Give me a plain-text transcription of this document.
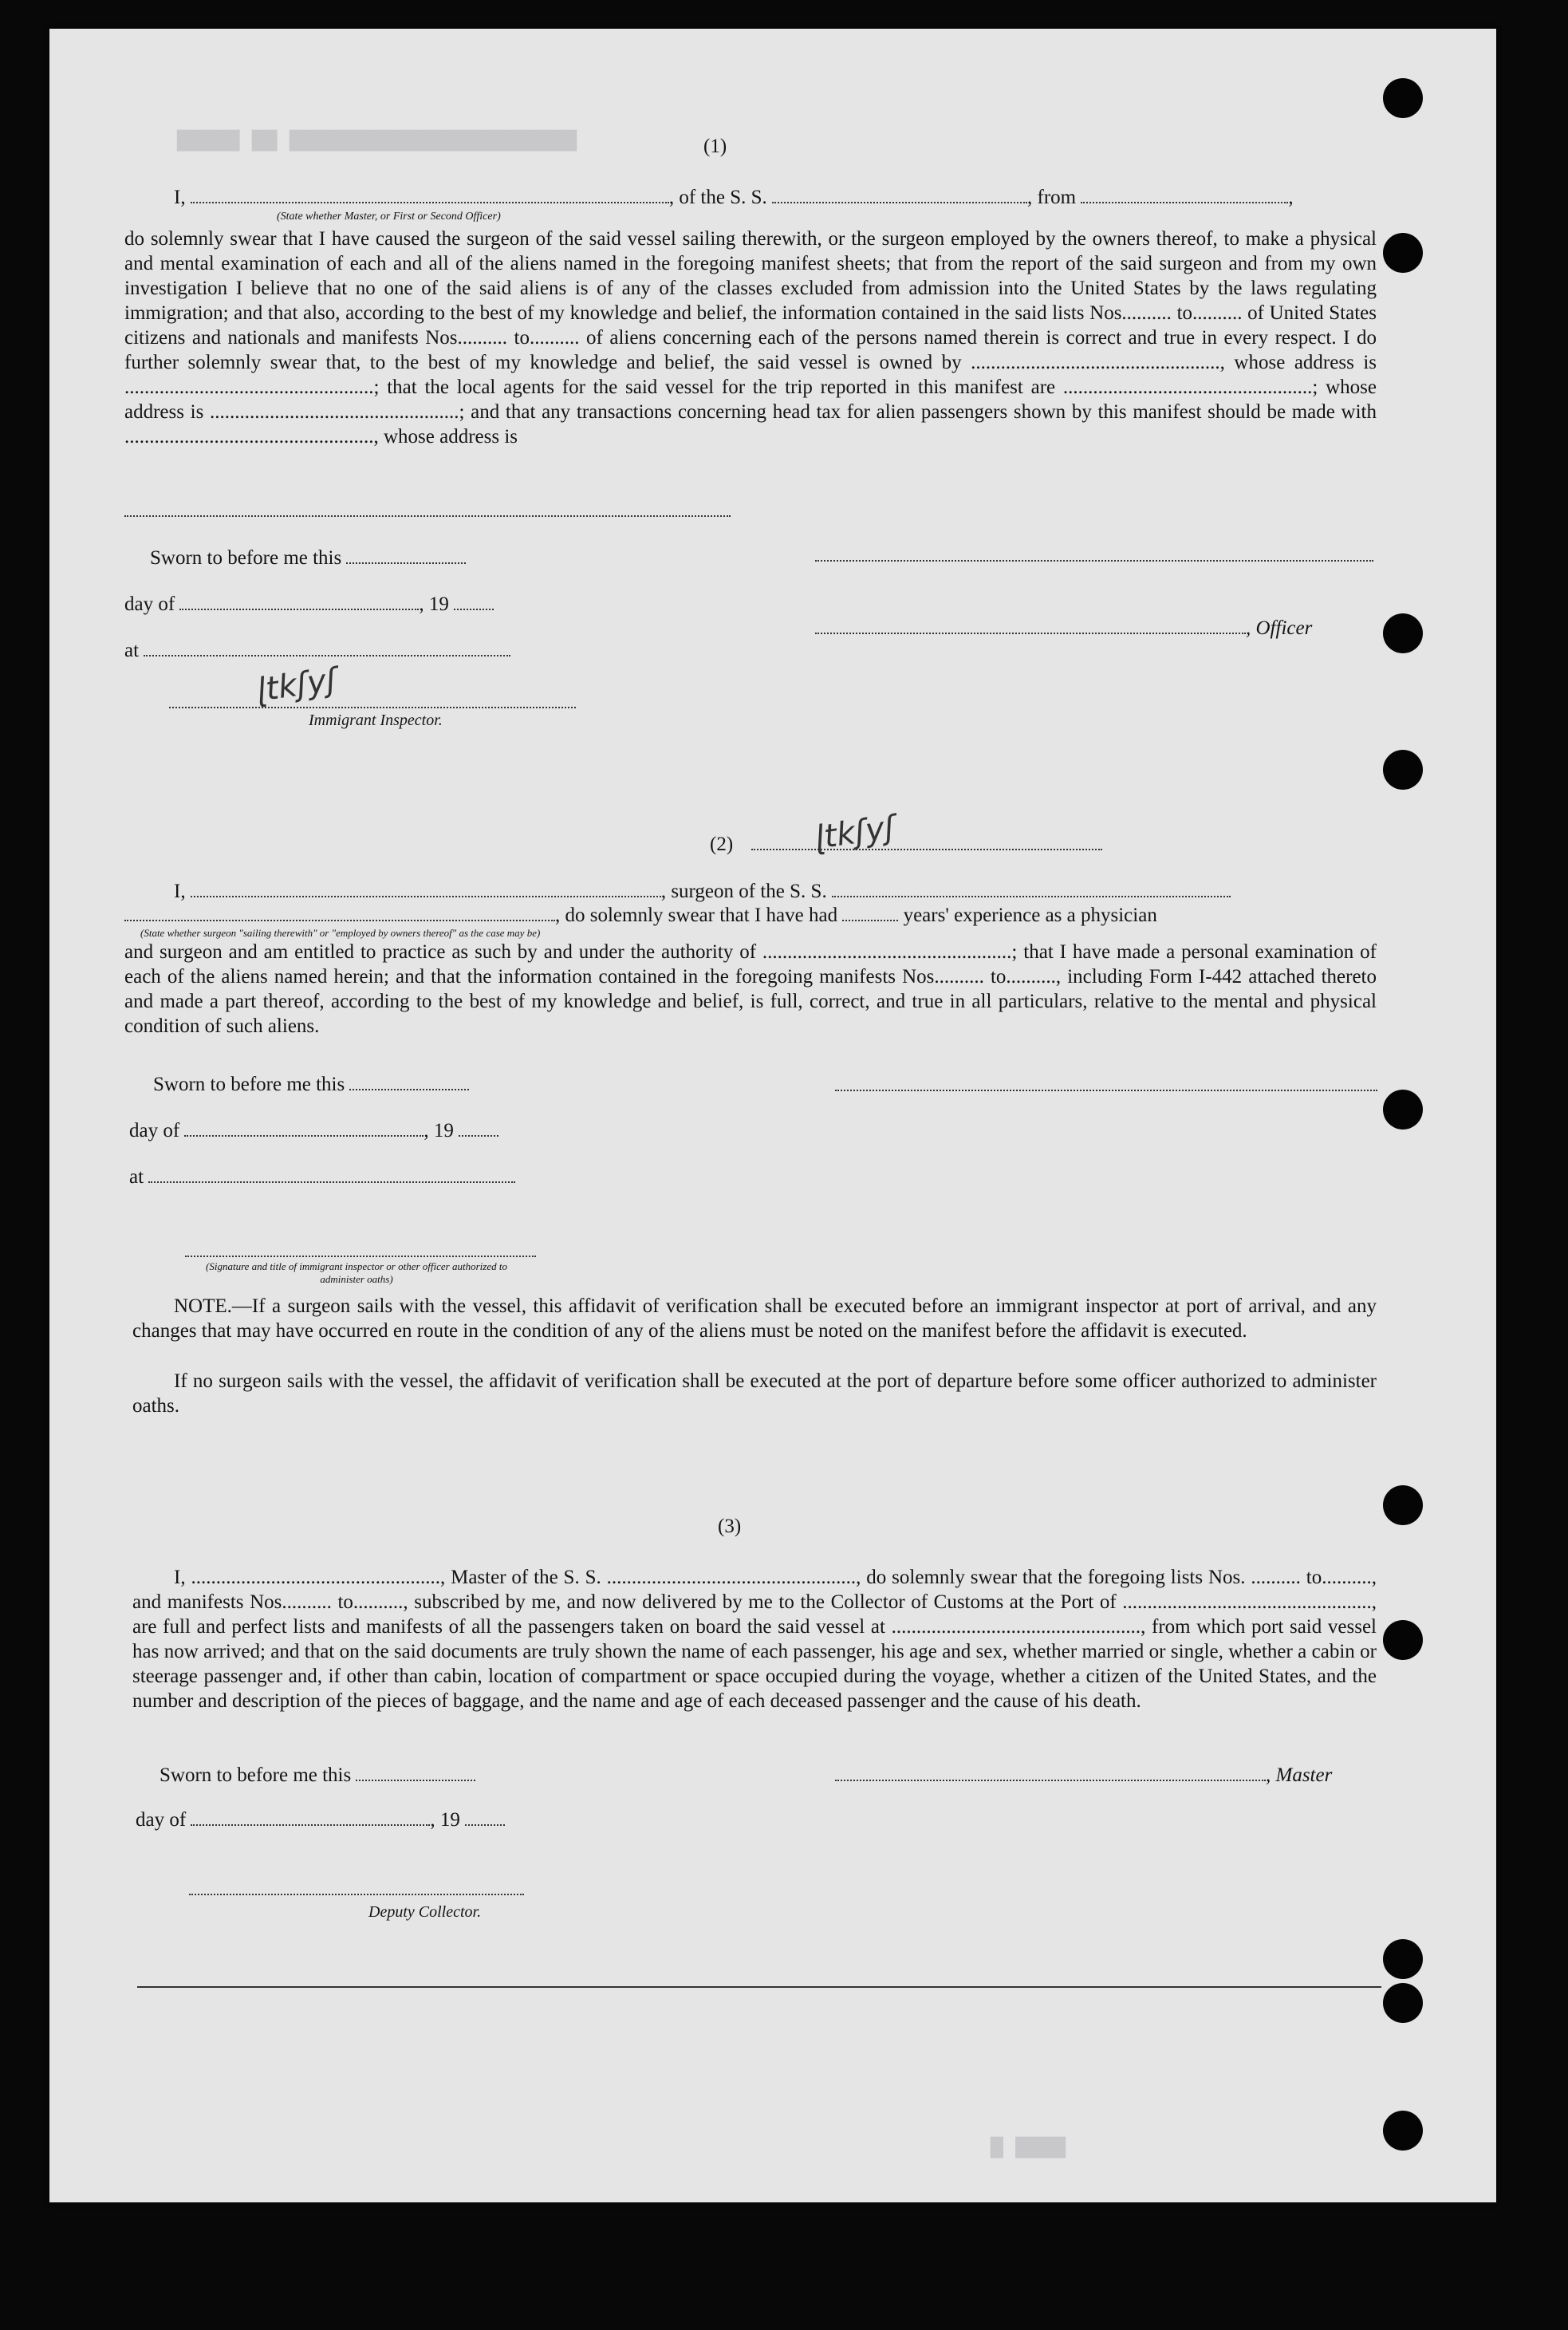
▇▇▇▇▇ ▇▇ ▇▇▇▇▇▇▇▇▇▇▇▇▇▇▇▇▇▇▇▇▇▇▇
▇ ▇▇▇▇
(1)
I,	, of the S. S.	, from	,
(State whether Master, or First or Second Officer)
do solemnly swear that I have caused the surgeon of the said vessel sailing therewith, or the surgeon employed by the owners thereof, to make a physical and mental examination of each and all of the aliens named in the foregoing manifest sheets; that from the report of the said surgeon and from my own investigation I believe that no one of the said aliens is of any of the classes excluded from admission into the United States by the laws regulating immigration; and that also, according to the best of my knowledge and belief, the information contained in the said lists Nos.......... to.......... of United States citizens and nationals and manifests Nos.......... to.......... of aliens concerning each of the persons named therein is correct and true in every respect. I do further solemnly swear that, to the best of my knowledge and belief, the said vessel is owned by .................................................., whose address is ..................................................; that the local agents for the said vessel for the trip reported in this manifest are ..................................................; whose address is ..................................................; and that any transactions concerning head tax for alien passengers shown by this manifest should be made with .................................................., whose address is
Sworn to before me this
day of	, 19
, Officer
at
ɭtkʃyʃ
Immigrant Inspector.
(2)	ɭtkʃyʃ
I,	, surgeon of the S. S.
, do solemnly swear that I have had	years' experience as a physician
(State whether surgeon "sailing therewith" or "employed by owners thereof" as the case may be)
and surgeon and am entitled to practice as such by and under the authority of ..................................................; that I have made a personal examination of each of the aliens named herein; and that the information contained in the foregoing manifests Nos.......... to.........., including Form I-442 attached thereto and made a part thereof, according to the best of my knowledge and belief, is full, correct, and true in all particulars, relative to the mental and physical condition of such aliens.
Sworn to before me this
day of	, 19
at
(Signature and title of immigrant inspector or other officer authorized to administer oaths)
NOTE.—If a surgeon sails with the vessel, this affidavit of verification shall be executed before an immigrant inspector at port of arrival, and any changes that may have occurred en route in the condition of any of the aliens must be noted on the manifest before the affidavit is executed.
If no surgeon sails with the vessel, the affidavit of verification shall be executed at the port of departure before some officer authorized to administer oaths.
(3)
I, .................................................., Master of the S. S. .................................................., do solemnly swear that the foregoing lists Nos. .......... to.........., and manifests Nos.......... to.........., subscribed by me, and now delivered by me to the Collector of Customs at the Port of .................................................., are full and perfect lists and manifests of all the passengers taken on board the said vessel at .................................................., from which port said vessel has now arrived; and that on the said documents are truly shown the name of each passenger, his age and sex, whether married or single, whether a cabin or steerage passenger and, if other than cabin, location of compartment or space occupied during the voyage, whether a citizen of the United States, and the number and description of the pieces of baggage, and the name and age of each deceased passenger and the cause of his death.
Sworn to before me this	, Master
day of	, 19
Deputy Collector.
